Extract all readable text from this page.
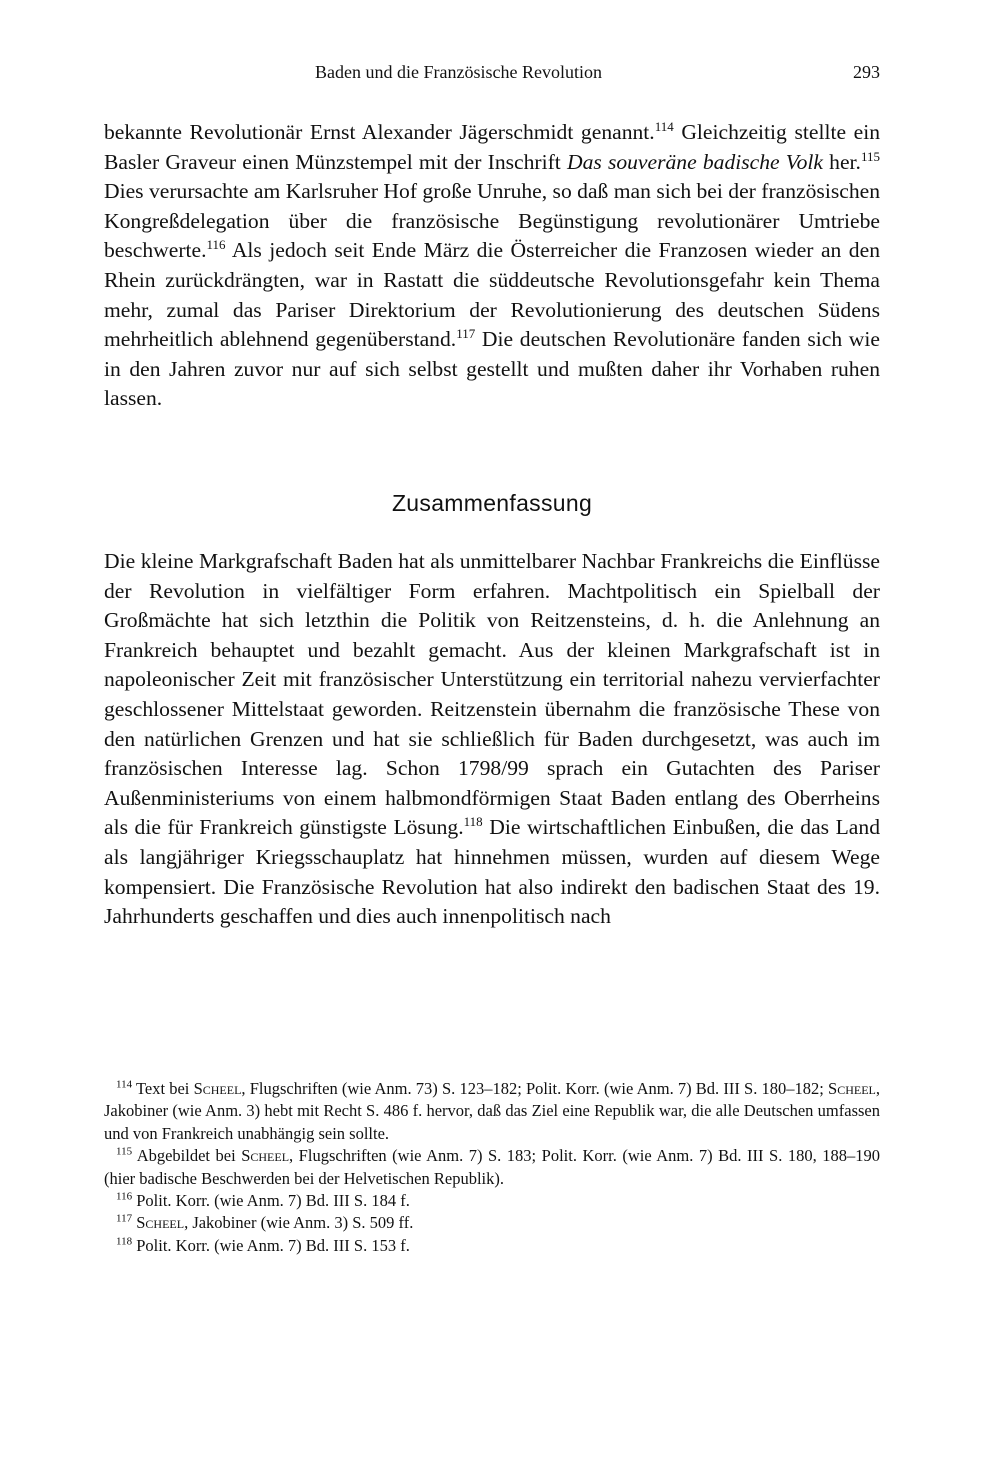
Baden und die Französische Revolution	293

bekannte Revolutionär Ernst Alexander Jägerschmidt genannt.$^{114}$ Gleichzeitig stellte ein Basler Graveur einen Münzstempel mit der Inschrift Das souveräne badische Volk her.$^{115}$ Dies verursachte am Karlsruher Hof große Unruhe, so daß man sich bei der französischen Kongreßdelegation über die französische Begünstigung revolutionärer Umtriebe beschwerte.$^{116}$ Als jedoch seit Ende März die Österreicher die Franzosen wieder an den Rhein zurückdrängten, war in Rastatt die süddeutsche Revolutionsgefahr kein Thema mehr, zumal das Pariser Direktorium der Revolutionierung des deutschen Südens mehrheitlich ablehnend gegenüberstand.$^{117}$ Die deutschen Revolutionäre fanden sich wie in den Jahren zuvor nur auf sich selbst gestellt und mußten daher ihr Vorhaben ruhen lassen.

Zusammenfassung

Die kleine Markgrafschaft Baden hat als unmittelbarer Nachbar Frankreichs die Einflüsse der Revolution in vielfältiger Form erfahren. Machtpolitisch ein Spielball der Großmächte hat sich letzthin die Politik von Reitzensteins, d. h. die Anlehnung an Frankreich behauptet und bezahlt gemacht. Aus der kleinen Markgrafschaft ist in napoleonischer Zeit mit französischer Unterstützung ein territorial nahezu vervierfachter geschlossener Mittelstaat geworden. Reitzenstein übernahm die französische These von den natürlichen Grenzen und hat sie schließlich für Baden durchgesetzt, was auch im französischen Interesse lag. Schon 1798/99 sprach ein Gutachten des Pariser Außenministeriums von einem halbmondförmigen Staat Baden entlang des Oberrheins als die für Frankreich günstigste Lösung.$^{118}$ Die wirtschaftlichen Einbußen, die das Land als langjähriger Kriegsschauplatz hat hinnehmen müssen, wurden auf diesem Wege kompensiert. Die Französische Revolution hat also indirekt den badischen Staat des 19. Jahrhunderts geschaffen und dies auch innenpolitisch nach

$^{114}$ Text bei Scheel, Flugschriften (wie Anm. 73) S. 123–182; Polit. Korr. (wie Anm. 7) Bd. III S. 180–182; Scheel, Jakobiner (wie Anm. 3) hebt mit Recht S. 486 f. hervor, daß das Ziel eine Republik war, die alle Deutschen umfassen und von Frankreich unabhängig sein sollte.

$^{115}$ Abgebildet bei Scheel, Flugschriften (wie Anm. 7) S. 183; Polit. Korr. (wie Anm. 7) Bd. III S. 180, 188–190 (hier badische Beschwerden bei der Helvetischen Republik).

$^{116}$ Polit. Korr. (wie Anm. 7) Bd. III S. 184 f.

$^{117}$ Scheel, Jakobiner (wie Anm. 3) S. 509 ff.

$^{118}$ Polit. Korr. (wie Anm. 7) Bd. III S. 153 f.
